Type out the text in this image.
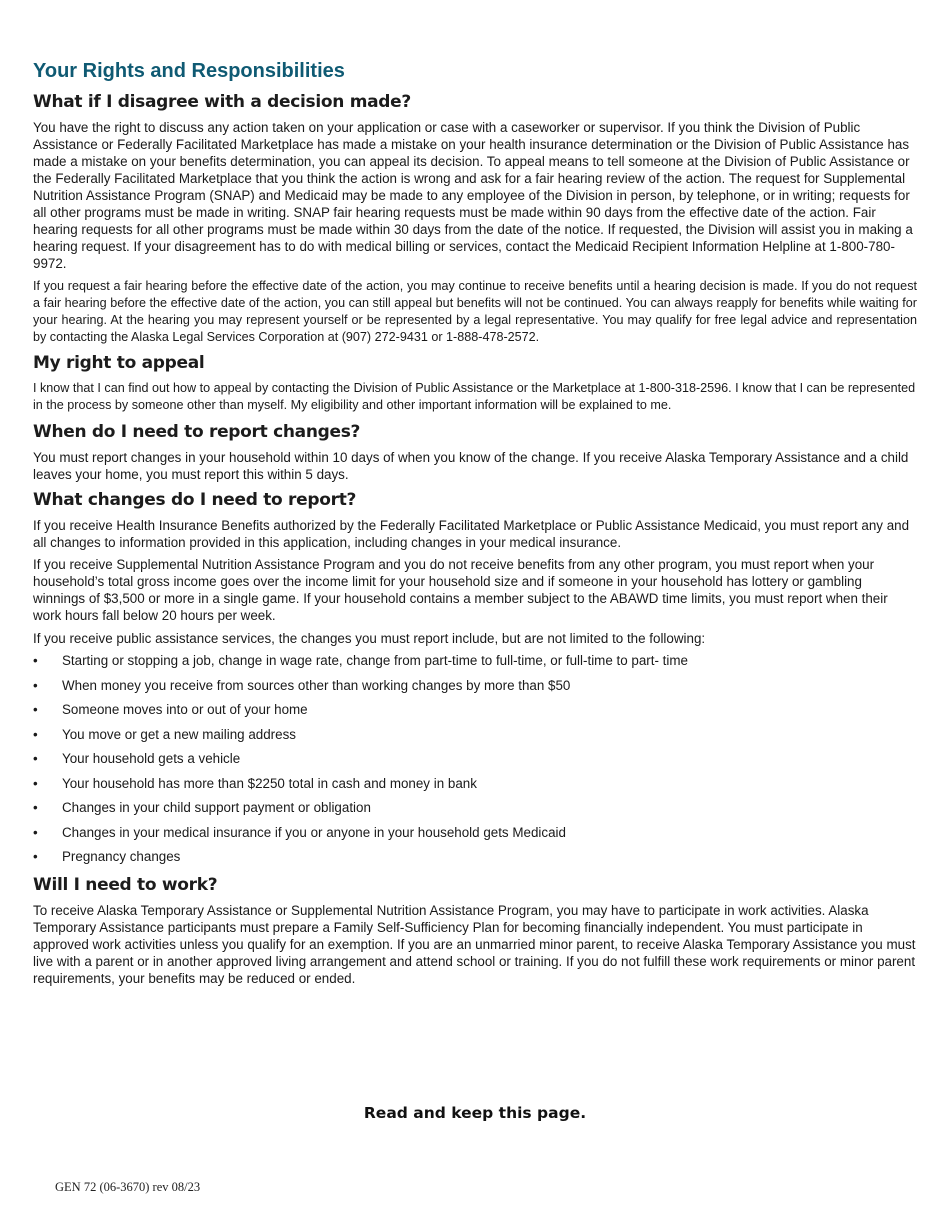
Your Rights and Responsibilities
What if I disagree with a decision made?

You have the right to discuss any action taken on your application or case with a caseworker or supervisor. If you think the Division of Public Assistance or Federally Facilitated Marketplace has made a mistake on your health insurance determination or the Division of Public Assistance has made a mistake on your benefits determination, you can appeal its decision. To appeal means to tell someone at the Division of Public Assistance or the Federally Facilitated Marketplace that you think the action is wrong and ask for a fair hearing review of the action. The request for Supplemental Nutrition Assistance Program (SNAP) and Medicaid may be made to any employee of the Division in person, by telephone, or in writing; requests for all other programs must be made in writing. SNAP fair hearing requests must be made within 90 days from the effective date of the action. Fair hearing requests for all other programs must be made within 30 days from the date of the notice. If requested, the Division will assist you in making a hearing request. If your disagreement has to do with medical billing or services, contact the Medicaid Recipient Information Helpline at 1-800-780-9972.

If you request a fair hearing before the effective date of the action, you may continue to receive benefits until a hearing decision is made. If you do not request a fair hearing before the effective date of the action, you can still appeal but benefits will not be continued. You can always reapply for benefits while waiting for your hearing. At the hearing you may represent yourself or be represented by a legal representative. You may qualify for free legal advice and representation by contacting the Alaska Legal Services Corporation at (907) 272-9431 or 1-888-478-2572.

My right to appeal

I know that I can find out how to appeal by contacting the Division of Public Assistance or the Marketplace at 1-800-318-2596. I know that I can be represented in the process by someone other than myself. My eligibility and other important information will be explained to me.

When do I need to report changes?

You must report changes in your household within 10 days of when you know of the change. If you receive Alaska Temporary Assistance and a child leaves your home, you must report this within 5 days.

What changes do I need to report?

If you receive Health Insurance Benefits authorized by the Federally Facilitated Marketplace or Public Assistance Medicaid, you must report any and all changes to information provided in this application, including changes in your medical insurance.

If you receive Supplemental Nutrition Assistance Program and you do not receive benefits from any other program, you must report when your household’s total gross income goes over the income limit for your household size and if someone in your household has lottery or gambling winnings of $3,500 or more in a single game. If your household contains a member subject to the ABAWD time limits, you must report when their work hours fall below 20 hours per week.

If you receive public assistance services, the changes you must report include, but are not limited to the following:

• Starting or stopping a job, change in wage rate, change from part-time to full-time, or full-time to part- time
• When money you receive from sources other than working changes by more than $50
• Someone moves into or out of your home
• You move or get a new mailing address
• Your household gets a vehicle
• Your household has more than $2250 total in cash and money in bank
• Changes in your child support payment or obligation
• Changes in your medical insurance if you or anyone in your household gets Medicaid
• Pregnancy changes
Will I need to work?

To receive Alaska Temporary Assistance or Supplemental Nutrition Assistance Program, you may have to participate in work activities. Alaska Temporary Assistance participants must prepare a Family Self-Sufficiency Plan for becoming financially independent. You must participate in approved work activities unless you qualify for an exemption. If you are an unmarried minor parent, to receive Alaska Temporary Assistance you must live with a parent or in another approved living arrangement and attend school or training. If you do not fulfill these work requirements or minor parent requirements, your benefits may be reduced or ended.

Read and keep this page.
GEN 72 (06-3670) rev 08/23
